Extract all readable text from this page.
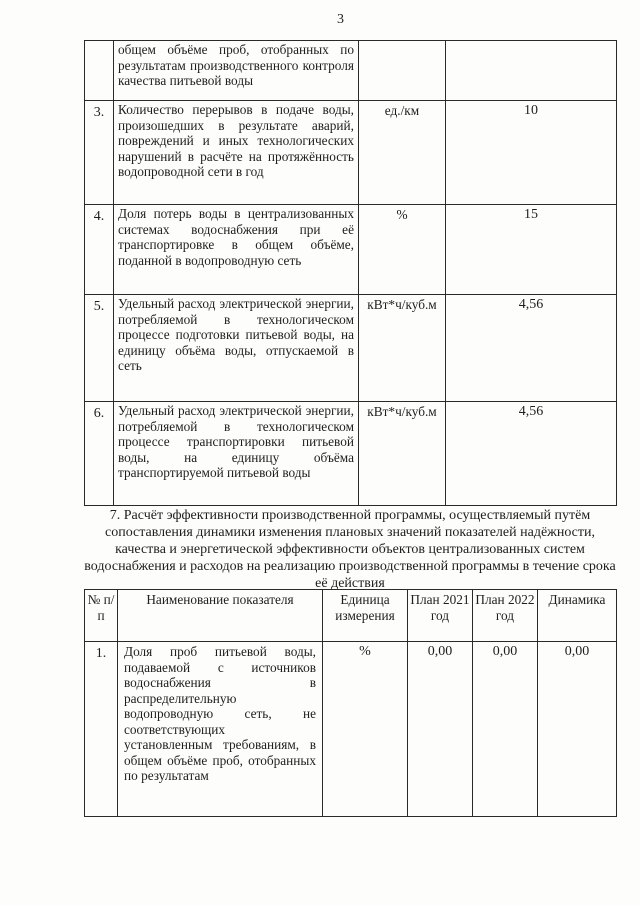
3
	общем объёме проб, отобранных по результатам производственного контроля качества питьевой воды		
3.	Количество перерывов в подаче воды, произошедших в результате аварий, повреждений и иных технологических нарушений в расчёте на протяжённость водопроводной сети в год	ед./км	10
4.	Доля потерь воды в централизованных системах водоснабжения при её транспортировке в общем объёме, поданной в водопроводную сеть	%	15
5.	Удельный расход электрической энергии, потребляемой в технологическом процессе подготовки питьевой воды, на единицу объёма воды, отпускаемой в сеть	кВт*ч/куб.м	4,56
6.	Удельный расход электрической энергии, потребляемой в технологическом процессе транспортировки питьевой воды, на единицу объёма транспортируемой питьевой воды	кВт*ч/куб.м	4,56
7. Расчёт эффективности производственной программы, осуществляемый путём сопоставления динамики изменения плановых значений показателей надёжности, качества и энергетической эффективности объектов централизованных систем водоснабжения и расходов на реализацию производственной программы в течение срока её действия
№ п/п	Наименование показателя	Единица измерения	План 2021 год	План 2022 год	Динамика
1.	Доля проб питьевой воды, подаваемой с источников водоснабжения в распределительную водопроводную сеть, не соответствующих установленным требованиям, в общем объёме проб, отобранных по результатам	%	0,00	0,00	0,00
